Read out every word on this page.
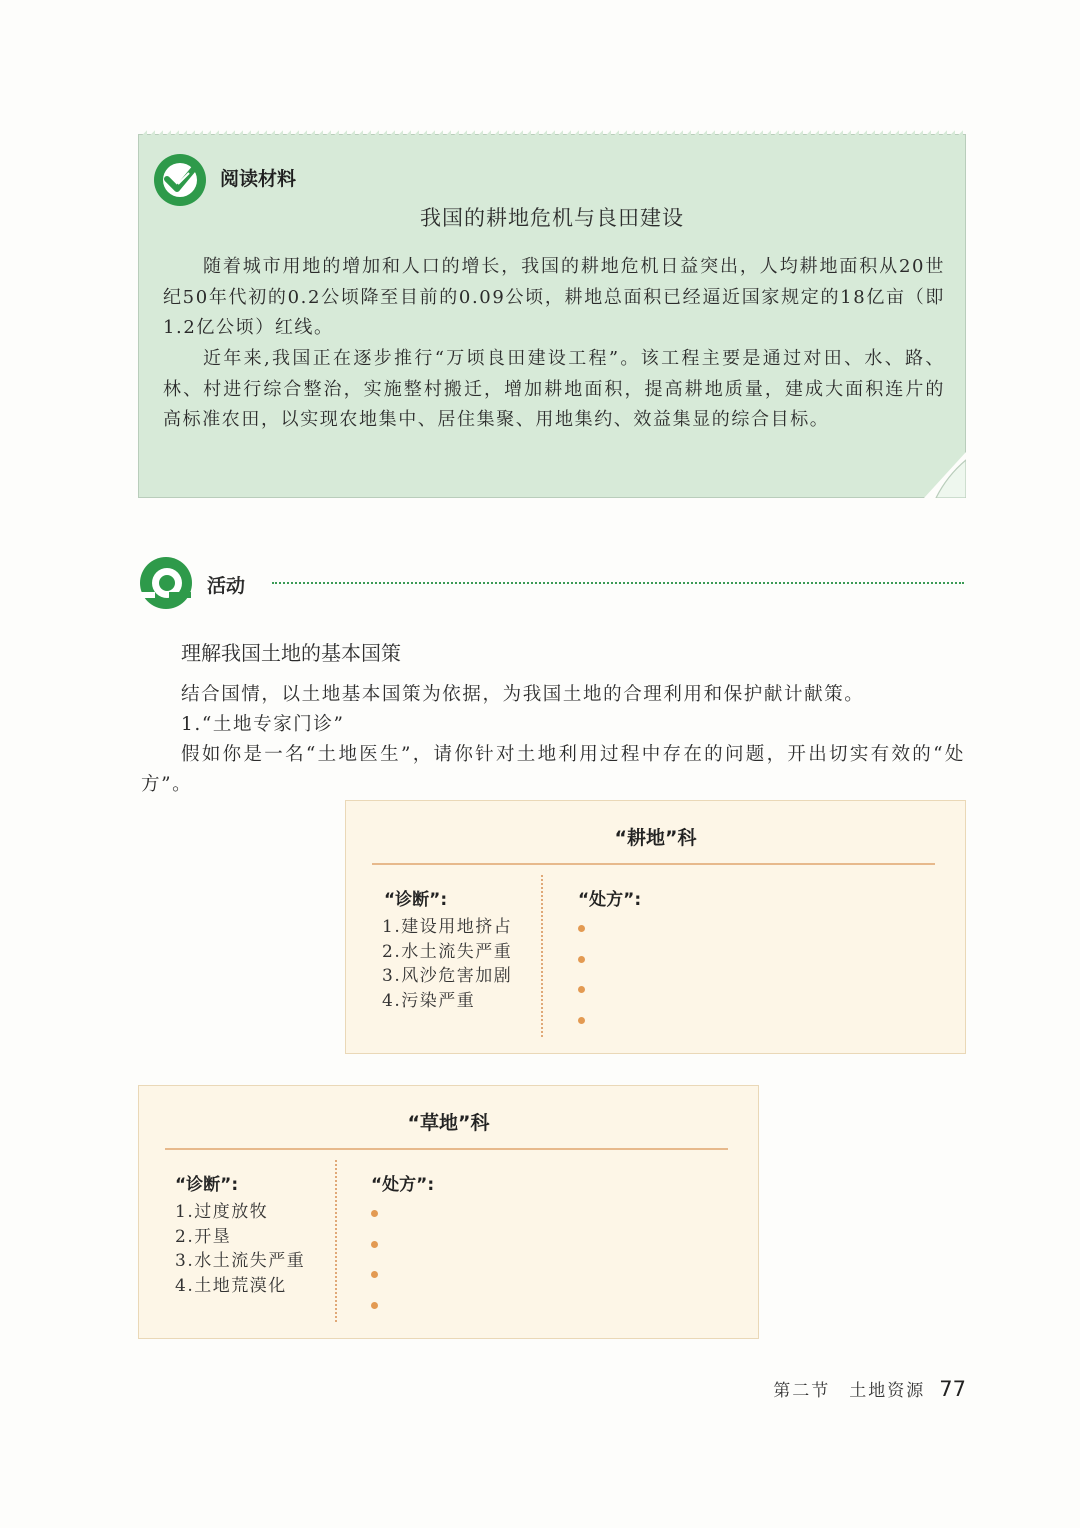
阅读材料
我国的耕地危机与良田建设
随着城市用地的增加和人口的增长，我国的耕地危机日益突出，人均耕地面积从20世纪50年代初的0.2公顷降至目前的0.09公顷，耕地总面积已经逼近国家规定的18亿亩（即1.2亿公顷）红线。
近年来,我国正在逐步推行“万顷良田建设工程”。该工程主要是通过对田、水、路、林、村进行综合整治，实施整村搬迁，增加耕地面积，提高耕地质量，建成大面积连片的高标准农田，以实现农地集中、居住集聚、用地集约、效益集显的综合目标。
活动
理解我国土地的基本国策
结合国情，以土地基本国策为依据，为我国土地的合理利用和保护献计献策。
1.“土地专家门诊”
假如你是一名“土地医生”，请你针对土地利用过程中存在的问题，开出切实有效的“处方”。
“耕地”科
“诊断”:	“处方”:
1.建设用地挤占
2.水土流失严重
3.风沙危害加剧
4.污染严重
“草地”科
“诊断”:	“处方”:
1.过度放牧
2.开垦
3.水土流失严重
4.土地荒漠化
第二节　土地资源 77
